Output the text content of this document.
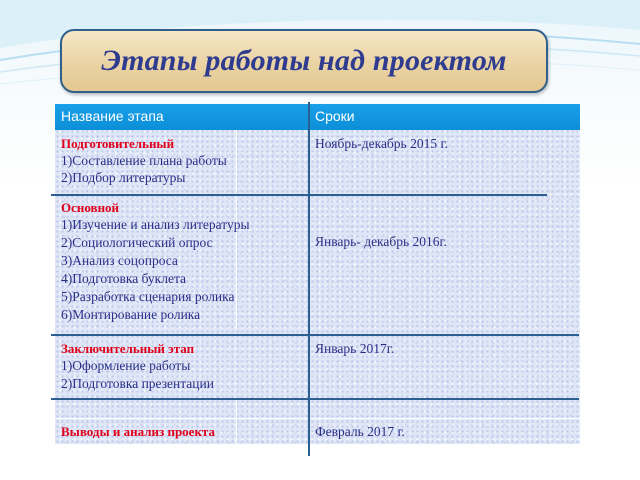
Этапы работы над проектом
Название этапа	Сроки
Подготовительный
1)Составление плана работы
2)Подбор литературы
Ноябрь-декабрь 2015 г.
Основной
1)Изучение и анализ литературы
2)Социологический опрос
3)Анализ соцопроса
4)Подготовка буклета
5)Разработка сценария ролика
6)Монтирование ролика
Январь- декабрь 2016г.
Заключительный этап
1)Оформление работы
2)Подготовка презентации
Январь 2017г.
Выводы и анализ проекта	Февраль 2017 г.
